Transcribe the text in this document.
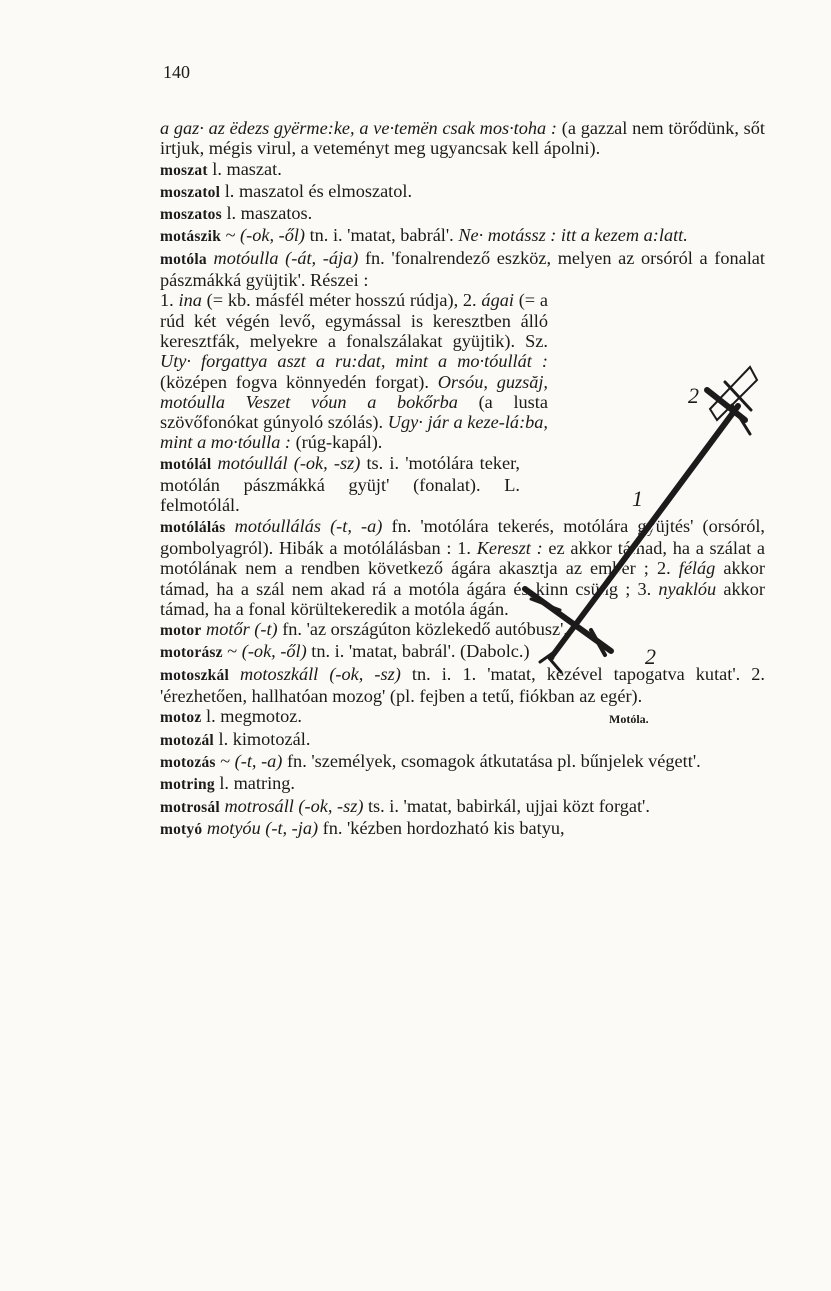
140

a gaz· az ëdezs gyërme:ke, a ve·temën csak mos·toha : (a gazzal nem törődünk, sőt irtjuk, mégis virul, a veteményt meg ugyancsak kell ápolni).

moszat l. maszat.

moszatol l. maszatol és elmoszatol.

moszatos l. maszatos.

motászik ~ (-ok, -ől) tn. i. 'matat, babrál'. Ne· motássz : itt a kezem a:latt.

motóla motóulla (-át, -ája) fn. 'fonalrendező eszköz, melyen az orsóról a fonalat pászmákká gyüjtik'. Részei :

1. ina (= kb. másfél méter hosszú rúdja), 2. ágai (= a rúd két végén levő, egymással is keresztben álló keresztfák, melyekre a fonalszálakat gyüjtik). Sz. Uty· forgattya aszt a ru:dat, mint a mo·tóullát : (középen fogva könnyedén forgat). Orsóu, guzsăj, motóulla Veszet vóun a bokőrba (a lusta szövőfonókat gúnyoló szólás). Ugy· jár a keze-lá:ba, mint a mo·tóulla : (rúg-kapál).

motólál motóullál (-ok, -sz) ts. i. 'motólára teker, motólán pászmákká gyüjt' (fonalat). L. felmotólál.

motólálás motóullálás (-t, -a) fn. 'motólára tekerés, motólára gyüjtés' (orsóról, gombolyagról). Hibák a motólálásban : 1. Kereszt : ez akkor támad, ha a szálat a motólának nem a rendben következő ágára akasztja az ember ; 2. félág akkor támad, ha a szál nem akad rá a motóla ágára és kinn csüng ; 3. nyaklóu akkor támad, ha a fonal körültekeredik a motóla ágán.

motor motőr (-t) fn. 'az országúton közlekedő autóbusz'.

motorász ~ (-ok, -ől) tn. i. 'matat, babrál'. (Dabolc.)

motoszkál motoszkáll (-ok, -sz) tn. i. 1. 'matat, kezével tapogatva kutat'. 2. 'érezhetően, hallhatóan mozog' (pl. fejben a tetű, fiókban az egér).

motoz l. megmotoz.

motozál l. kimotozál.

motozás ~ (-t, -a) fn. 'személyek, csomagok átkutatása pl. bűnjelek végett'.

motring l. matring.

motrosál motrosáll (-ok, -sz) ts. i. 'matat, babirkál, ujjai közt forgat'.

motyó motyóu (-t, -ja) fn. 'kézben hordozható kis batyu,

2
1
2
Motóla.
